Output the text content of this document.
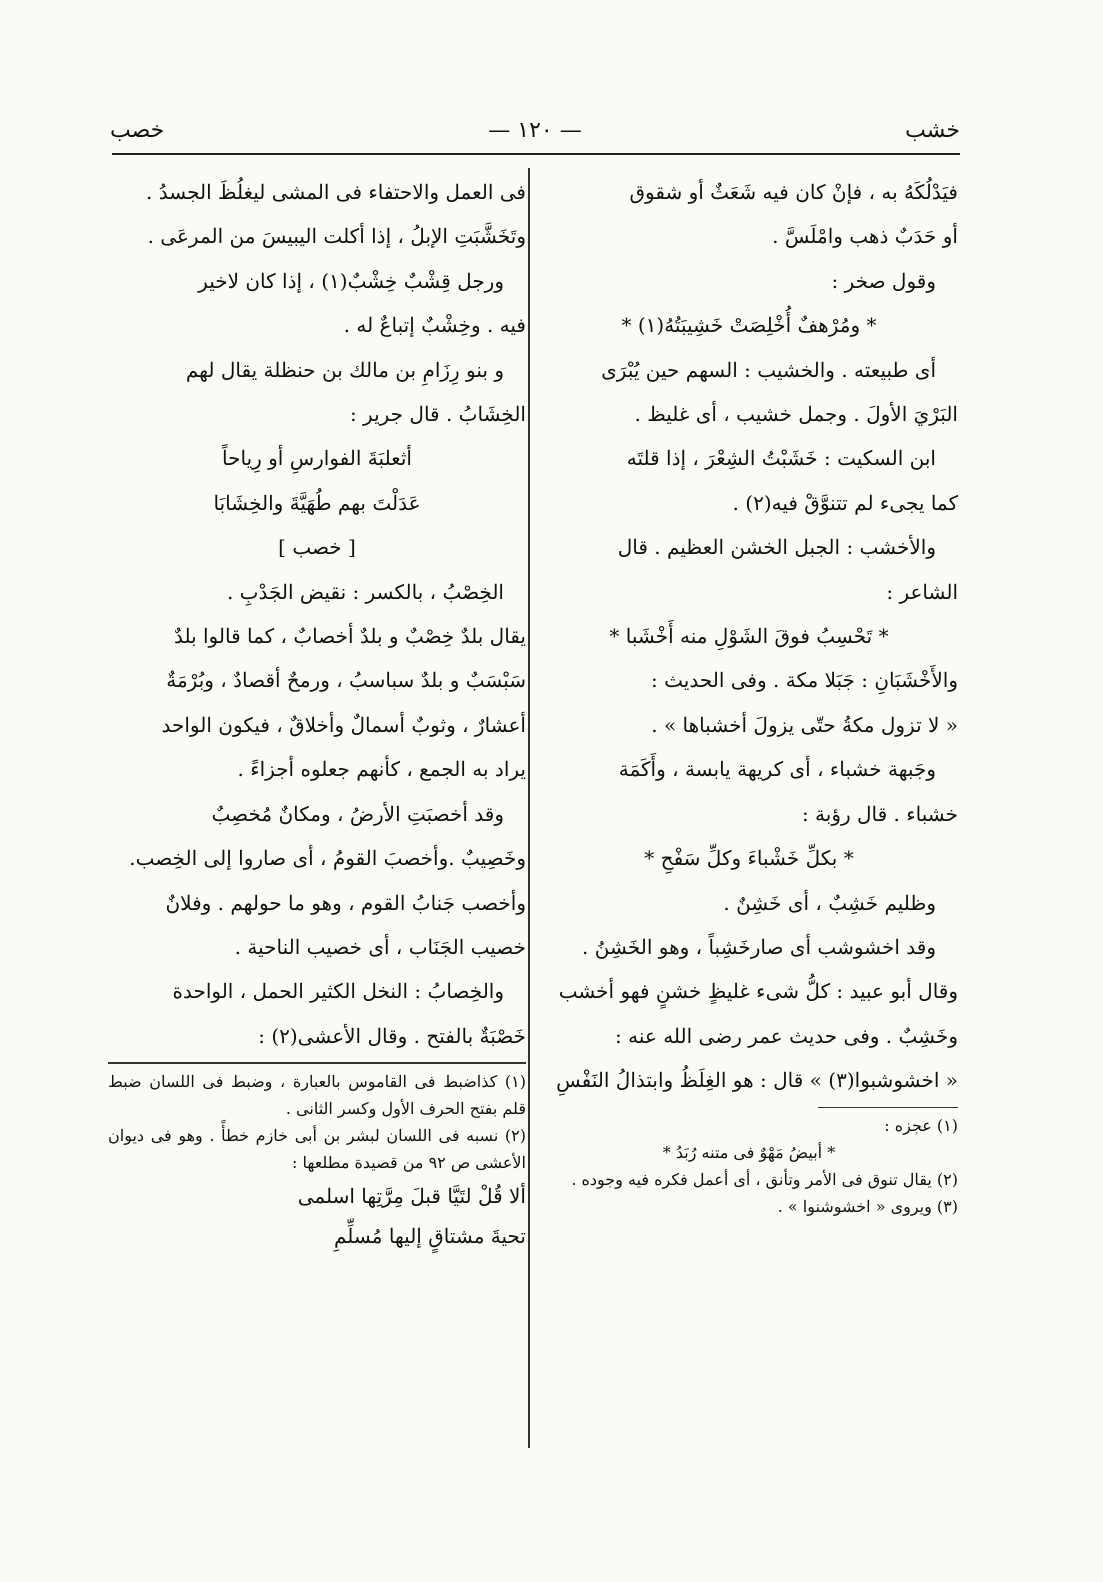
خشب
— ١٢٠ —
خصب

فيَدْلُكَهُ به ، فإنْ كان فيه شَعَثٌ أو شقوق

أو حَدَبٌ ذهب وامْلَسَّ .

وقول صخر :

* ومُرْهفٌ أُخْلِصَتْ خَشِيبَتُهُ(١) *

أى طبيعته . والخشيب : السهم حين يُبْرَى

البَرْيَ الأولَ . وجمل خشيب ، أى غليظ .

ابن السكيت : خَشَبْتُ الشِعْرَ ، إذا قلتَه

كما يجىء لم تتنوَّقْ فيه(٢) .

والأخشب : الجبل الخشن العظيم . قال

الشاعر :

* تَحْسِبُ فوقَ الشَوْلِ منه أَخْشَبا *

والأَخْشَبَانِ : جَبَلا مكة . وفى الحديث :

« لا تزول مكةُ حتّى يزولَ أخشباها » .

وجَبهة خشباء ، أى كريهة يابسة ، وأَكَمَة

خشباء . قال رؤبة :

* بكلِّ خَشْباءَ وكلِّ سَفْحِ *

وظليم خَشِبٌ ، أى خَشِنٌ .

وقد اخشوشب أى صارخَشِباً ، وهو الخَشِنُ .

وقال أبو عبيد : كلُّ شىء غليظٍ خشنٍ فهو أخشب

وخَشِبٌ . وفى حديث عمر رضى الله عنه :

« اخشوشبوا(٣) » قال : هو الغِلَظُ وابتذالُ النَفْسِ

(١) عجزه :

* أبيضُ مَهْوٌ فى متنه رُبَدُ *

(٢) يقال تنوق فى الأمر وتأنق ، أى أعمل فكره فيه وجوده .

(٣) ويروى « اخشوشنوا » .

فى العمل والاحتفاء فى المشى ليغلُظَ الجسدُ .

وتَخَشَّبَتِ الإبلُ ، إذا أكلت اليبيسَ من المرعَى .

ورجل قِشْبٌ خِشْبٌ(١) ، إذا كان لاخير

فيه . وخِشْبٌ إتباعٌ له .

و بنو رِزَامِ بن مالك بن حنظلة يقال لهم

الخِشَابُ . قال جرير :

أثعلبَةَ الفوارسِ أو رِياحاً

عَدَلْتَ بهم طُهَيَّةَ والخِشَابَا

[ خصب ]

الخِصْبُ ، بالكسر : نقيض الجَدْبِ .

يقال بلدٌ خِصْبٌ و بلدٌ أخصابٌ ، كما قالوا بلدٌ

سَبْسَبٌ و بلدٌ سباسبُ ، ورمحٌ أقصادٌ ، وبُرْمَةٌ

أعشارٌ ، وثوبٌ أسمالٌ وأخلاقٌ ، فيكون الواحد

يراد به الجمع ، كأنهم جعلوه أجزاءً .

وقد أخصبَتِ الأرضُ ، ومكانٌ مُخصِبٌ

وخَصِيبٌ .وأخصبَ القومُ ، أى صاروا إلى الخِصب.

وأخصب جَنابُ القوم ، وهو ما حولهم . وفلانٌ

خصيب الجَنَاب ، أى خصيب الناحية .

والخِصابُ : النخل الكثير الحمل ، الواحدة

خَصْبَةٌ بالفتح . وقال الأعشى(٢) :

(١) كذاضبط فى القاموس بالعبارة ، وضبط فى اللسان ضبط قلم بفتح الحرف الأول وكسر الثانى .

(٢) نسبه فى اللسان لبشر بن أبى خازم خطأً . وهو فى ديوان الأعشى ص ٩٢ من قصيدة مطلعها :

ألا قُلْ لتَيَّا قبلَ مِرَّتِها اسلمى

تحيةَ مشتاقٍ إليها مُسلِّمِ
